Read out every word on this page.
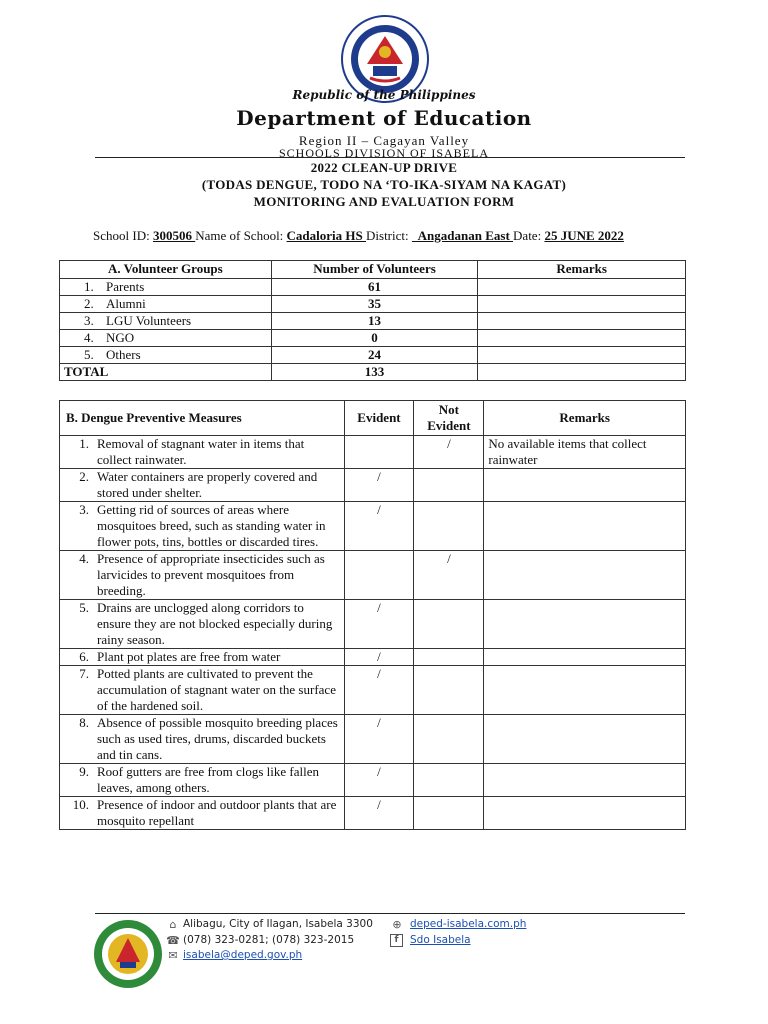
Republic of the Philippines
Department of Education
Region II – Cagayan Valley
SCHOOLS DIVISION OF ISABELA
2022 CLEAN-UP DRIVE
(TODAS DENGUE, TODO NA ‘TO-IKA-SIYAM NA KAGAT)
MONITORING AND EVALUATION FORM
School ID: 300506 Name of School: Cadaloria HS District:   Angadanan East Date: 25 JUNE 2022
A. Volunteer Groups	Number of Volunteers	Remarks
1. Parents	61	
2. Alumni	35	
3. LGU Volunteers	13	
4. NGO	0	
5. Others	24	
TOTAL	133	
B. Dengue Preventive Measures	Evident	Not Evident	Remarks

1. Removal of stagnant water in items that collect rainwater.		/	No available items that collect rainwater

2. Water containers are properly covered and stored under shelter.	/		

3. Getting rid of sources of areas where mosquitoes breed, such as standing water in flower pots, tins, bottles or discarded tires.	/		

4. Presence of appropriate insecticides such as larvicides to prevent mosquitoes from breeding.		/	

5. Drains are unclogged along corridors to ensure they are not blocked especially during rainy season.	/		

6. Plant pot plates are free from water	/		

7. Potted plants are cultivated to prevent the accumulation of stagnant water on the surface of the hardened soil.	/		

8. Absence of possible mosquito breeding places such as used tires, drums, discarded buckets and tin cans.	/		

9. Roof gutters are free from clogs like fallen leaves, among others.	/		

10. Presence of indoor and outdoor plants that are mosquito repellant	/		
⌂ Alibagu, City of Ilagan, Isabela 3300
☎ (078) 323-0281; (078) 323-2015
✉ isabela@deped.gov.ph
⊕ deped-isabela.com.ph
f	Sdo Isabela
